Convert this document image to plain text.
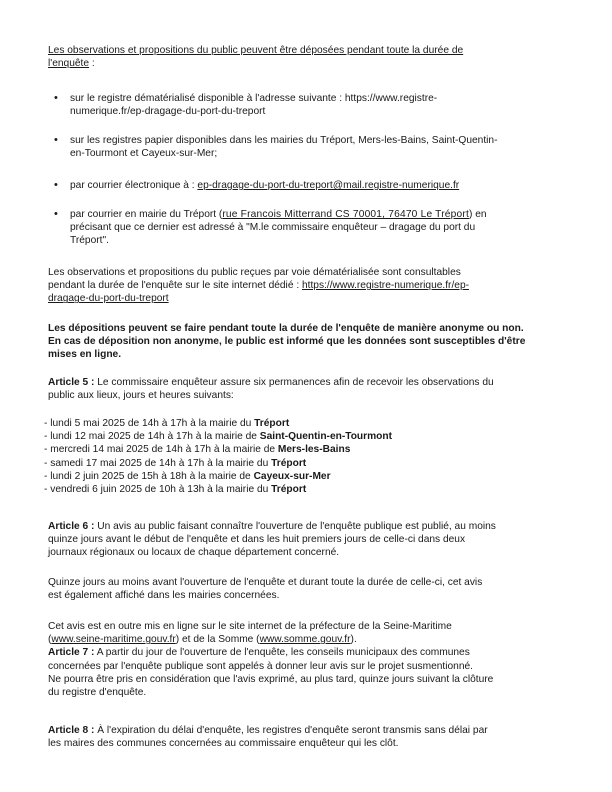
Les observations et propositions du public peuvent être déposées pendant toute la durée de
l'enquête :
• sur le registre dématérialisé disponible à l'adresse suivante : https://www.registre-
numerique.fr/ep-dragage-du-port-du-treport
• sur les registres papier disponibles dans les mairies du Tréport, Mers-les-Bains, Saint-Quentin-
en-Tourmont et Cayeux-sur-Mer;
• par courrier électronique à : ep-dragage-du-port-du-treport@mail.registre-numerique.fr
• par courrier en mairie du Tréport (rue Francois Mitterrand CS 70001, 76470 Le Tréport) en
précisant que ce dernier est adressé à "M.le commissaire enquêteur – dragage du port du
Tréport".
Les observations et propositions du public reçues par voie dématérialisée sont consultables
pendant la durée de l'enquête sur le site internet dédié : https://www.registre-numerique.fr/ep-
dragage-du-port-du-treport
Les dépositions peuvent se faire pendant toute la durée de l'enquête de manière anonyme ou non.
En cas de déposition non anonyme, le public est informé que les données sont susceptibles d'être
mises en ligne.
Article 5 : Le commissaire enquêteur assure six permanences afin de recevoir les observations du
public aux lieux, jours et heures suivants:
- lundi 5 mai 2025 de 14h à 17h à la mairie du Tréport
- lundi 12 mai 2025 de 14h à 17h à la mairie de Saint-Quentin-en-Tourmont
- mercredi 14 mai 2025 de 14h à 17h à la mairie de Mers-les-Bains
- samedi 17 mai 2025 de 14h à 17h à la mairie du Tréport
- lundi 2 juin 2025 de 15h à 18h à la mairie de Cayeux-sur-Mer
- vendredi 6 juin 2025 de 10h à 13h à la mairie du Tréport
Article 6 : Un avis au public faisant connaître l'ouverture de l'enquête publique est publié, au moins
quinze jours avant le début de l'enquête et dans les huit premiers jours de celle-ci dans deux
journaux régionaux ou locaux de chaque département concerné.
Quinze jours au moins avant l'ouverture de l'enquête et durant toute la durée de celle-ci, cet avis
est également affiché dans les mairies concernées.
Cet avis est en outre mis en ligne sur le site internet de la préfecture de la Seine-Maritime
(www.seine-maritime.gouv.fr) et de la Somme (www.somme.gouv.fr).
Article 7 : A partir du jour de l'ouverture de l'enquête, les conseils municipaux des communes
concernées par l'enquête publique sont appelés à donner leur avis sur le projet susmentionné.
Ne pourra être pris en considération que l'avis exprimé, au plus tard, quinze jours suivant la clôture
du registre d'enquête.
Article 8 : À l'expiration du délai d'enquête, les registres d'enquête seront transmis sans délai par
les maires des communes concernées au commissaire enquêteur qui les clôt.
